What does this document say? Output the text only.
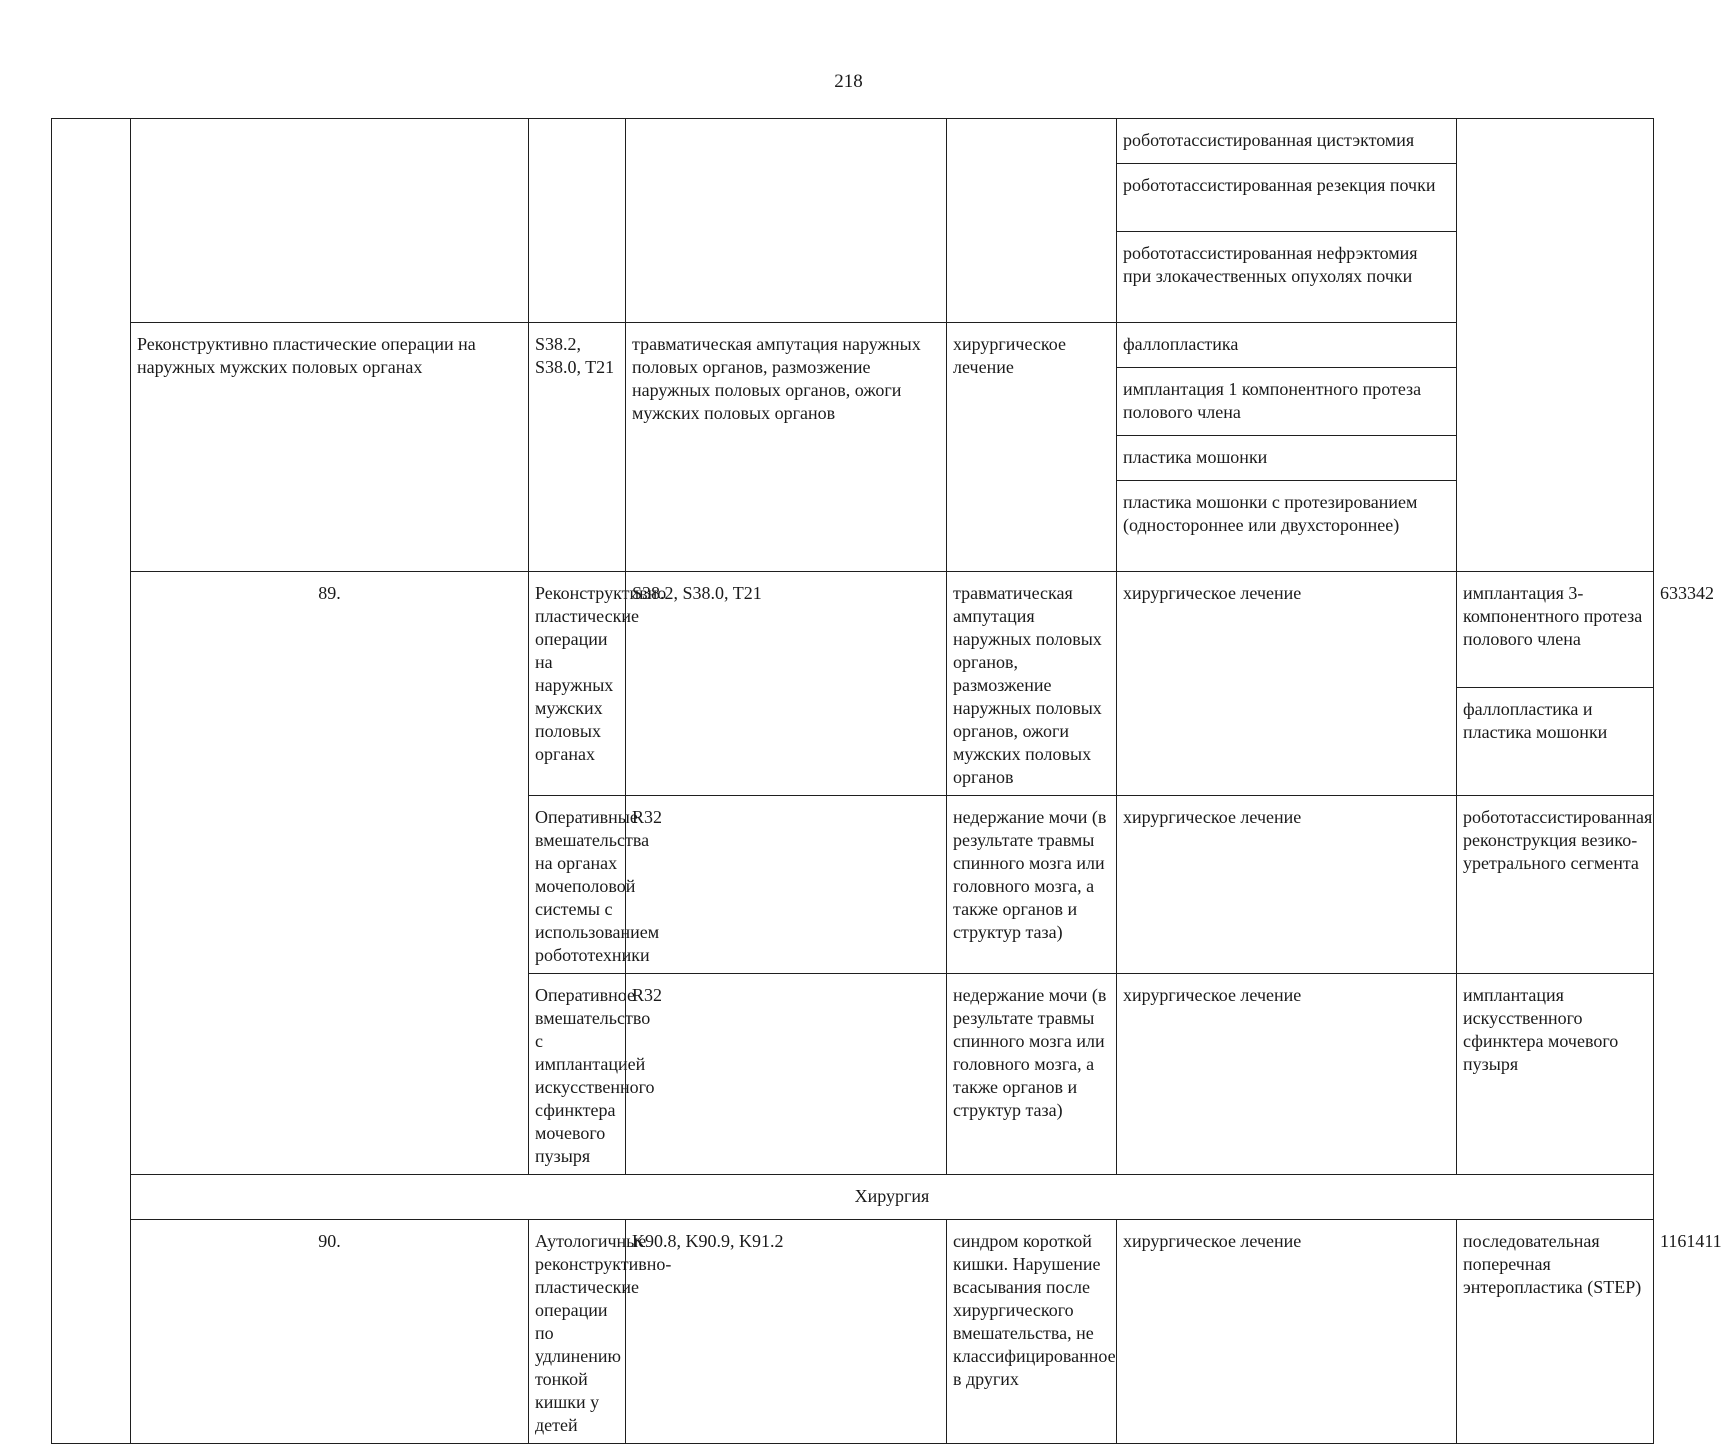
218
					робототассистированная цистэктомия		
					робототассистированная резекция почки		
					робототассистированная нефрэктомия при злокачественных опухолях почки		
	Реконструктивно пластические операции на наружных мужских половых органах	S38.2, S38.0, T21	травматическая ампутация наружных половых органов, размозжение наружных половых органов, ожоги мужских половых органов	хирургическое лечение	фаллопластика		
					имплантация 1 компонентного протеза полового члена		
					пластика мошонки		
					пластика мошонки с протезированием (одностороннее или двухстороннее)		
	89.	Реконструктивно пластические операции на наружных мужских половых органах	S38.2, S38.0, T21	травматическая ампутация наружных половых органов, размозжение наружных половых органов, ожоги мужских половых органов	хирургическое лечение	имплантация 3-компонентного протеза полового члена	633342
						фаллопластика и пластика мошонки	
		Оперативные вмешательства на органах мочеполовой системы с использованием робототехники	R32	недержание мочи (в результате травмы спинного мозга или головного мозга, а также органов и структур таза)	хирургическое лечение	робототассистированная реконструкция везико-уретрального сегмента	
		Оперативное вмешательство с имплантацией искусственного сфинктера мочевого пузыря	R32	недержание мочи (в результате травмы спинного мозга или головного мозга, а также органов и структур таза)	хирургическое лечение	имплантация искусственного сфинктера мочевого пузыря	
	Хирургия						
	90.	Аутологичные реконструктивно-пластические операции по удлинению тонкой кишки у детей	K90.8, K90.9, K91.2	синдром короткой кишки. Нарушение всасывания после хирургического вмешательства, не классифицированное в других	хирургическое лечение	последовательная поперечная энтеропластика (STEP)	1161411
